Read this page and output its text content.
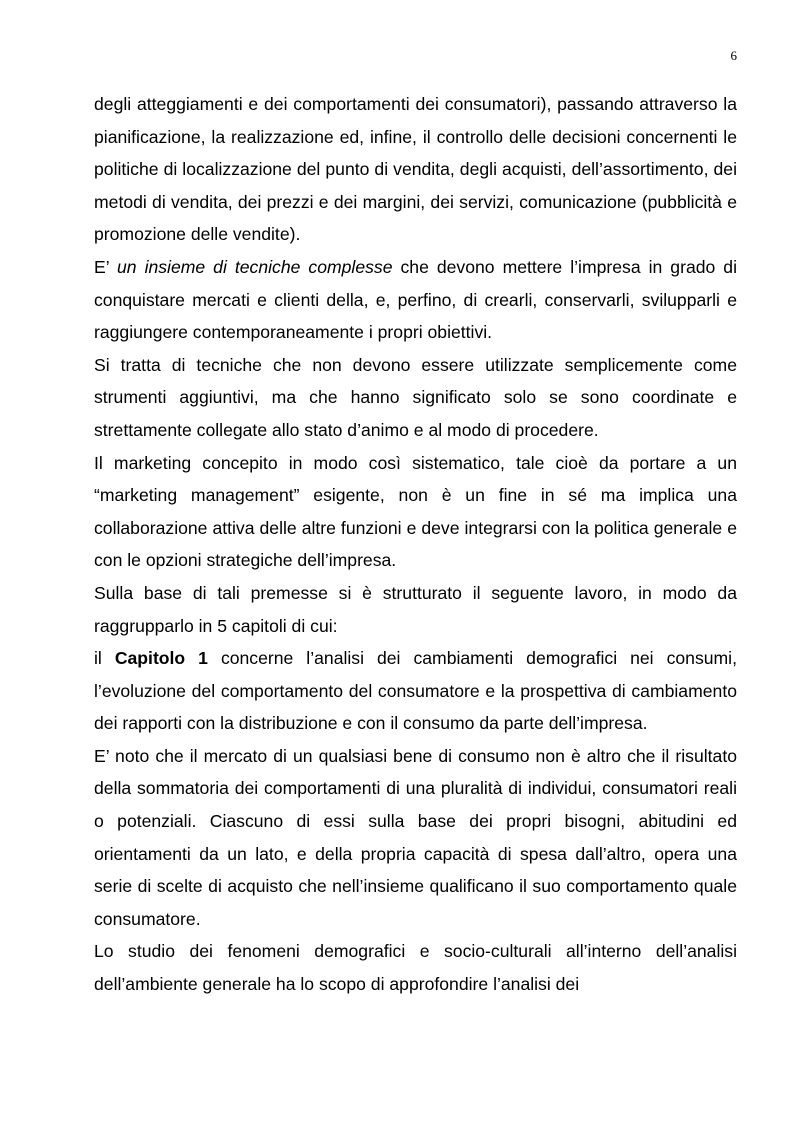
6

degli atteggiamenti e dei comportamenti dei consumatori), passando attraverso la pianificazione, la realizzazione ed, infine, il controllo delle decisioni concernenti le politiche di localizzazione del punto di vendita, degli acquisti, dell’assortimento, dei metodi di vendita, dei prezzi e dei margini, dei servizi, comunicazione (pubblicità e promozione delle vendite).

E’ un insieme di tecniche complesse che devono mettere l’impresa in grado di conquistare mercati e clienti della, e, perfino, di crearli, conservarli, svilupparli e raggiungere contemporaneamente i propri obiettivi.

Si tratta di tecniche che non devono essere utilizzate semplicemente come strumenti aggiuntivi, ma che hanno significato solo se sono coordinate e strettamente collegate allo stato d’animo e al modo di procedere.

Il marketing concepito in modo così sistematico, tale cioè da portare a un “marketing management” esigente, non è un fine in sé ma implica una collaborazione attiva delle altre funzioni e deve integrarsi con la politica generale e con le opzioni strategiche dell’impresa.

Sulla base di tali premesse si è strutturato il seguente lavoro, in modo da raggrupparlo in 5 capitoli di cui:

il Capitolo 1 concerne l’analisi dei cambiamenti demografici nei consumi, l’evoluzione del comportamento del consumatore e la prospettiva di cambiamento dei rapporti con la distribuzione e con il consumo da parte dell’impresa.

E’ noto che il mercato di un qualsiasi bene di consumo non è altro che il risultato della sommatoria dei comportamenti di una pluralità di individui, consumatori reali o potenziali. Ciascuno di essi sulla base dei propri bisogni, abitudini ed orientamenti da un lato, e della propria capacità di spesa dall’altro, opera una serie di scelte di acquisto che nell’insieme qualificano il suo comportamento quale consumatore.

Lo studio dei fenomeni demografici e socio-culturali all’interno dell’analisi dell’ambiente generale ha lo scopo di approfondire l’analisi dei
